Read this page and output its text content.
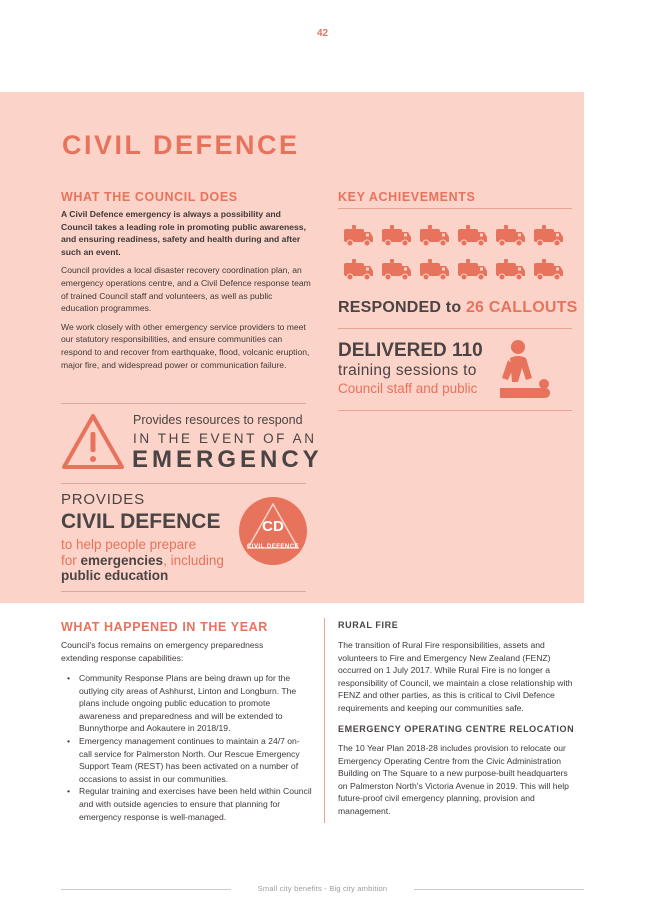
42
CIVIL DEFENCE
WHAT THE COUNCIL DOES

A Civil Defence emergency is always a possibility and Council takes a leading role in promoting public awareness, and ensuring readiness, safety and health during and after such an event.

Council provides a local disaster recovery coordination plan, an emergency operations centre, and a Civil Defence response team of trained Council staff and volunteers, as well as public education programmes.

We work closely with other emergency service providers to meet our statutory responsibilities, and ensure communities can respond to and recover from earthquake, flood, volcanic eruption, major fire, and widespread power or communication failure.

Provides resources to respond
IN THE EVENT OF AN
EMERGENCY
PROVIDES
CIVIL DEFENCE
to help people prepare
for emergencies, including
public education
CD
CIVIL DEFENCE
KEY ACHIEVEMENTS
RESPONDED to 26 CALLOUTS
DELIVERED 110
training sessions to
Council staff and public
WHAT HAPPENED IN THE YEAR
Council's focus remains on emergency preparedness extending response capabilities:
• Community Response Plans are being drawn up for the outlying city areas of Ashhurst, Linton and Longburn. The plans include ongoing public education to promote awareness and preparedness and will be extended to Bunnythorpe and Aokautere in 2018/19.
• Emergency management continues to maintain a 24/7 on-call service for Palmerston North. Our Rescue Emergency Support Team (REST) has been activated on a number of occasions to assist in our communities.
• Regular training and exercises have been held within Council and with outside agencies to ensure that planning for emergency response is well-managed.
RURAL FIRE
The transition of Rural Fire responsibilities, assets and volunteers to Fire and Emergency New Zealand (FENZ) occurred on 1 July 2017. While Rural Fire is no longer a responsibility of Council, we maintain a close relationship with FENZ and other parties, as this is critical to Civil Defence requirements and keeping our communities safe.
EMERGENCY OPERATING CENTRE RELOCATION
The 10 Year Plan 2018-28 includes provision to relocate our Emergency Operating Centre from the Civic Administration Building on The Square to a new purpose-built headquarters on Palmerston North's Victoria Avenue in 2019. This will help future-proof civil emergency planning, provision and management.
Small city benefits - Big city ambition
